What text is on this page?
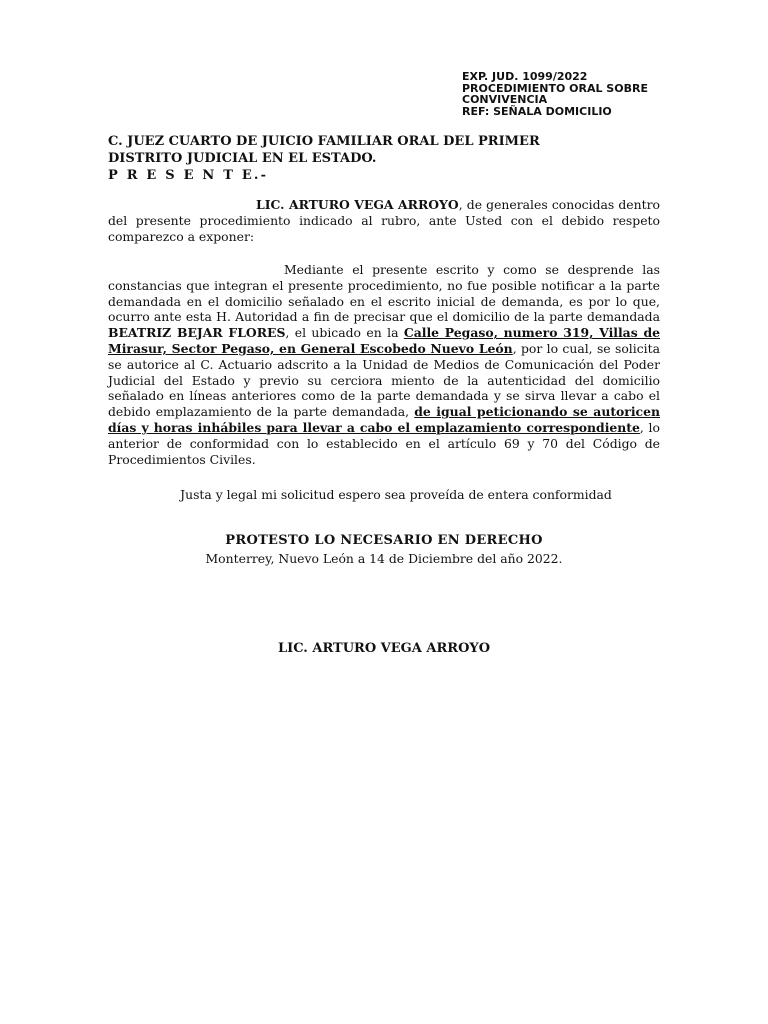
EXP. JUD. 1099/2022
PROCEDIMIENTO ORAL SOBRE
CONVIVENCIA
REF: SEÑALA DOMICILIO
C. JUEZ CUARTO DE JUICIO FAMILIAR ORAL DEL PRIMER
DISTRITO JUDICIAL EN EL ESTADO.
P R E S E N T E.-
LIC. ARTURO VEGA ARROYO, de generales conocidas dentro del presente procedimiento indicado al rubro, ante Usted con el debido respeto comparezco a exponer:
Mediante el presente escrito y como se desprende las constancias que integran el presente procedimiento, no fue posible notificar a la parte demandada en el domicilio señalado en el escrito inicial de demanda, es por lo que, ocurro ante esta H. Autoridad a fin de precisar que el domicilio de la parte demandada BEATRIZ BEJAR FLORES, el ubicado en la Calle Pegaso, numero 319, Villas de Mirasur, Sector Pegaso, en General Escobedo Nuevo León, por lo cual, se solicita se autorice al C. Actuario adscrito a la Unidad de Medios de Comunicación del Poder Judicial del Estado y previo su cerciora miento de la autenticidad del domicilio señalado en líneas anteriores como de la parte demandada y se sirva llevar a cabo el debido emplazamiento de la parte demandada, de igual peticionando se autoricen días y horas inhábiles para llevar a cabo el emplazamiento correspondiente, lo anterior de conformidad con lo establecido en el artículo 69 y 70 del Código de Procedimientos Civiles.
Justa y legal mi solicitud espero sea proveída de entera conformidad
PROTESTO LO NECESARIO EN DERECHO
Monterrey, Nuevo León a 14 de Diciembre del año 2022.
LIC. ARTURO VEGA ARROYO
